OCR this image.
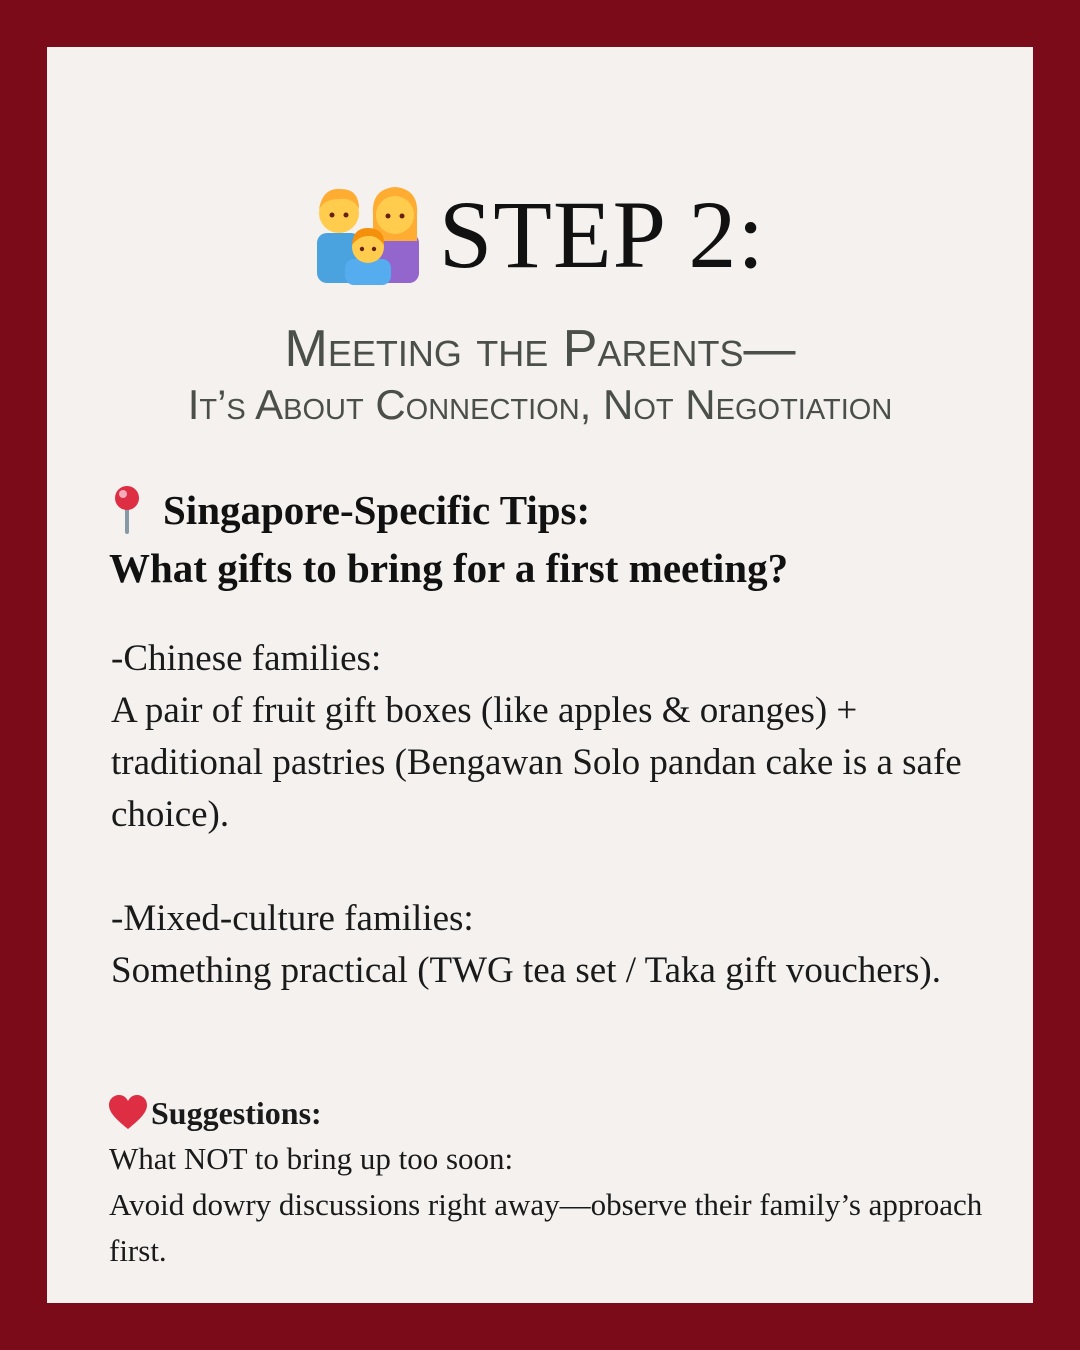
STEP 2:
Meeting the Parents—
It’s About Connection, Not Negotiation
Singapore-Specific Tips:
What gifts to bring for a first meeting?
-Chinese families:
A pair of fruit gift boxes (like apples & oranges) + traditional pastries (Bengawan Solo pandan cake is a safe choice).
-Mixed-culture families:
Something practical (TWG tea set / Taka gift vouchers).
Suggestions:
What NOT to bring up too soon:
Avoid dowry discussions right away—observe their family’s approach first.
